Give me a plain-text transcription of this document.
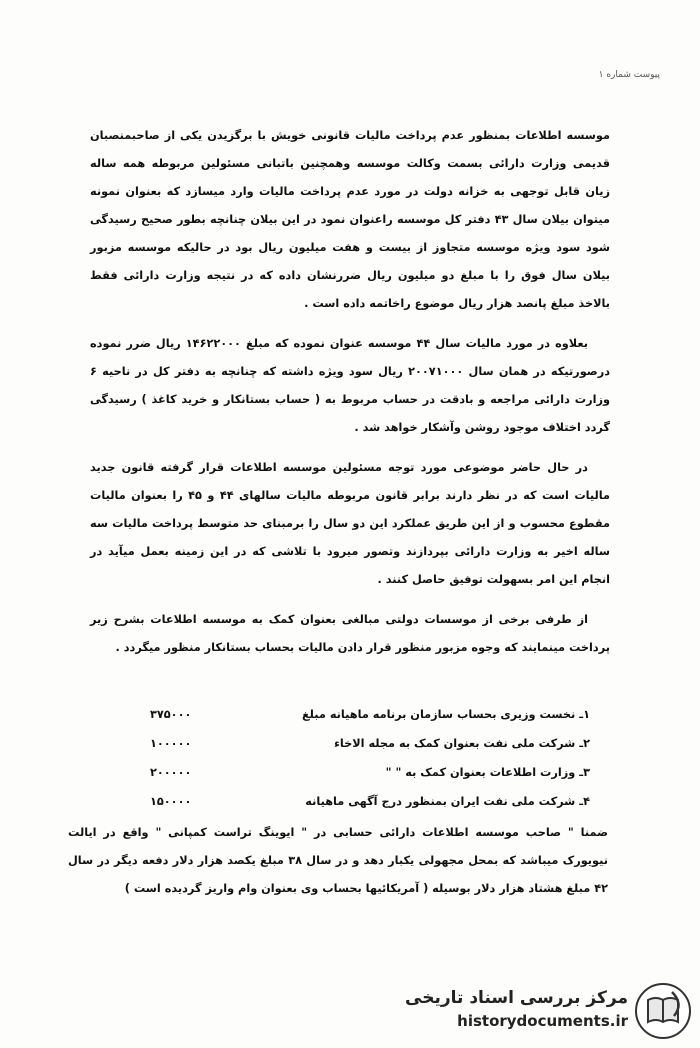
پیوست شماره ۱

موسسه اطلاعات بمنظور عدم پرداخت مالیات قانونی خویش با برگزیدن یکی از صاحبمنصبان قدیمی وزارت دارائی بسمت وکالت موسسه وهمچنین باتبانی مسئولین مربوطه همه ساله زیان قابل توجهی به خزانه دولت در مورد عدم پرداخت مالیات وارد میسازد که بعنوان نمونه میتوان بیلان سال ۴۳ دفتر کل موسسه راعنوان نمود در این بیلان چنانچه بطور صحیح رسیدگی شود سود ویژه موسسه متجاوز از بیست و هفت میلیون ریال بود در حالیکه موسسه مزبور بیلان سال فوق را با مبلغ دو میلیون ریال ضررنشان داده که در نتیجه وزارت دارائی فقط بالاخذ مبلغ پانصد هزار ریال موضوع راخاتمه داده است .

بعلاوه در مورد مالیات سال ۴۴ موسسه عنوان نموده که مبلغ ۱۴۶۲۲۰۰۰ ریال ضرر نموده درصورتیکه در همان سال ۲۰۰۷۱۰۰۰ ریال سود ویژه داشته که چنانچه به دفتر کل در ناحیه ۶ وزارت دارائی مراجعه و بادقت در حساب مربوط به ( حساب بستانکار و خرید کاغذ ) رسیدگی گردد اختلاف موجود روشن وآشکار خواهد شد .

در حال حاضر موضوعی مورد توجه مسئولین موسسه اطلاعات قرار گرفته قانون جدید مالیات است که در نظر دارند برابر قانون مربوطه مالیات سالهای ۴۴ و ۴۵ را بعنوان مالیات مقطوع محسوب و از این طریق عملکرد این دو سال را برمبنای حد متوسط پرداخت مالیات سه ساله اخیر به وزارت دارائی بپردازند وتصور میرود با تلاشی که در این زمینه بعمل میآید در انجام این امر بسهولت توفیق حاصل کنند .

از طرفی برخی از موسسات دولتی مبالغی بعنوان کمک به موسسه اطلاعات بشرح زیر پرداخت مینمایند که وجوه مزبور منظور قرار دادن مالیات بحساب بستانکار منظور میگردد .

۱ـ نخست وزیری بحساب سازمان برنامه ماهیانه مبلغ
۳۷۵۰۰۰
۲ـ شرکت ملی نفت بعنوان کمک به مجله الاخاء
۱۰۰۰۰۰
۳ـ وزارت اطلاعات بعنوان کمک به " "
۲۰۰۰۰۰
۴ـ شرکت ملی نفت ایران بمنظور درج آگهی ماهیانه
۱۵۰۰۰۰

ضمنا " صاحب موسسه اطلاعات دارائی حسابی در " ایوینگ تراست کمپانی " واقع در ایالت نیویورک میباشد که بمحل مجهولی یکبار دهد و در سال ۳۸ مبلغ یکصد هزار دلار دفعه دیگر در سال ۴۲ مبلغ هشتاد هزار دلار بوسیله ( آمریکائیها بحساب وی بعنوان وام واریز گردیده است )

مرکز بررسی اسناد تاریخی
historydocuments.ir
